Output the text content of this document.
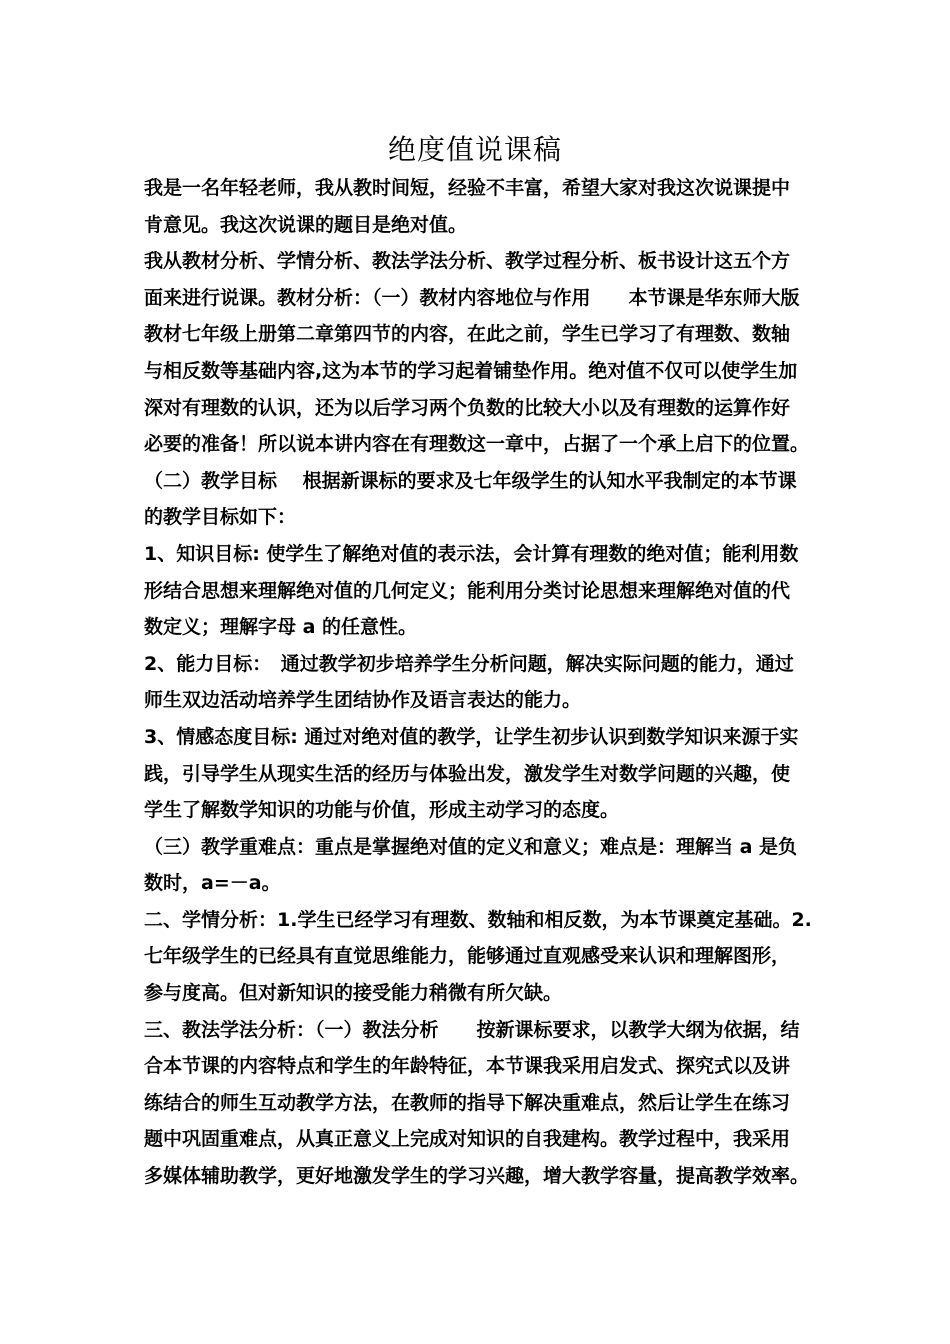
绝度值说课稿
我是一名年轻老师，我从教时间短，经验不丰富，希望大家对我这次说课提中
肯意见。我这次说课的题目是绝对值。
我从教材分析、学情分析、教法学法分析、教学过程分析、板书设计这五个方
面来进行说课。教材分析：（一）教材内容地位与作用　　本节课是华东师大版
教材七年级上册第二章第四节的内容，在此之前，学生已学习了有理数、数轴
与相反数等基础内容,这为本节的学习起着铺垫作用。绝对值不仅可以使学生加
深对有理数的认识，还为以后学习两个负数的比较大小以及有理数的运算作好
必要的准备！所以说本讲内容在有理数这一章中，占据了一个承上启下的位置。
（二）教学目标　 根据新课标的要求及七年级学生的认知水平我制定的本节课
的教学目标如下：
1、知识目标: 使学生了解绝对值的表示法，会计算有理数的绝对值；能利用数
形结合思想来理解绝对值的几何定义；能利用分类讨论思想来理解绝对值的代
数定义；理解字母 a 的任意性。
2、能力目标：　通过教学初步培养学生分析问题，解决实际问题的能力，通过
师生双边活动培养学生团结协作及语言表达的能力。
3、情感态度目标: 通过对绝对值的教学，让学生初步认识到数学知识来源于实
践，引导学生从现实生活的经历与体验出发，激发学生对数学问题的兴趣，使
学生了解数学知识的功能与价值，形成主动学习的态度。
（三）教学重难点：重点是掌握绝对值的定义和意义；难点是：理解当 a 是负
数时，a=－a。
二、学情分析：1.学生已经学习有理数、数轴和相反数，为本节课奠定基础。2.
七年级学生的已经具有直觉思维能力，能够通过直观感受来认识和理解图形，
参与度高。但对新知识的接受能力稍微有所欠缺。
三、教法学法分析：（一）教法分析　　按新课标要求，以教学大纲为依据，结
合本节课的内容特点和学生的年龄特征，本节课我采用启发式、探究式以及讲
练结合的师生互动教学方法，在教师的指导下解决重难点，然后让学生在练习
题中巩固重难点，从真正意义上完成对知识的自我建构。教学过程中，我采用
多媒体辅助教学，更好地激发学生的学习兴趣，增大教学容量，提高教学效率。
